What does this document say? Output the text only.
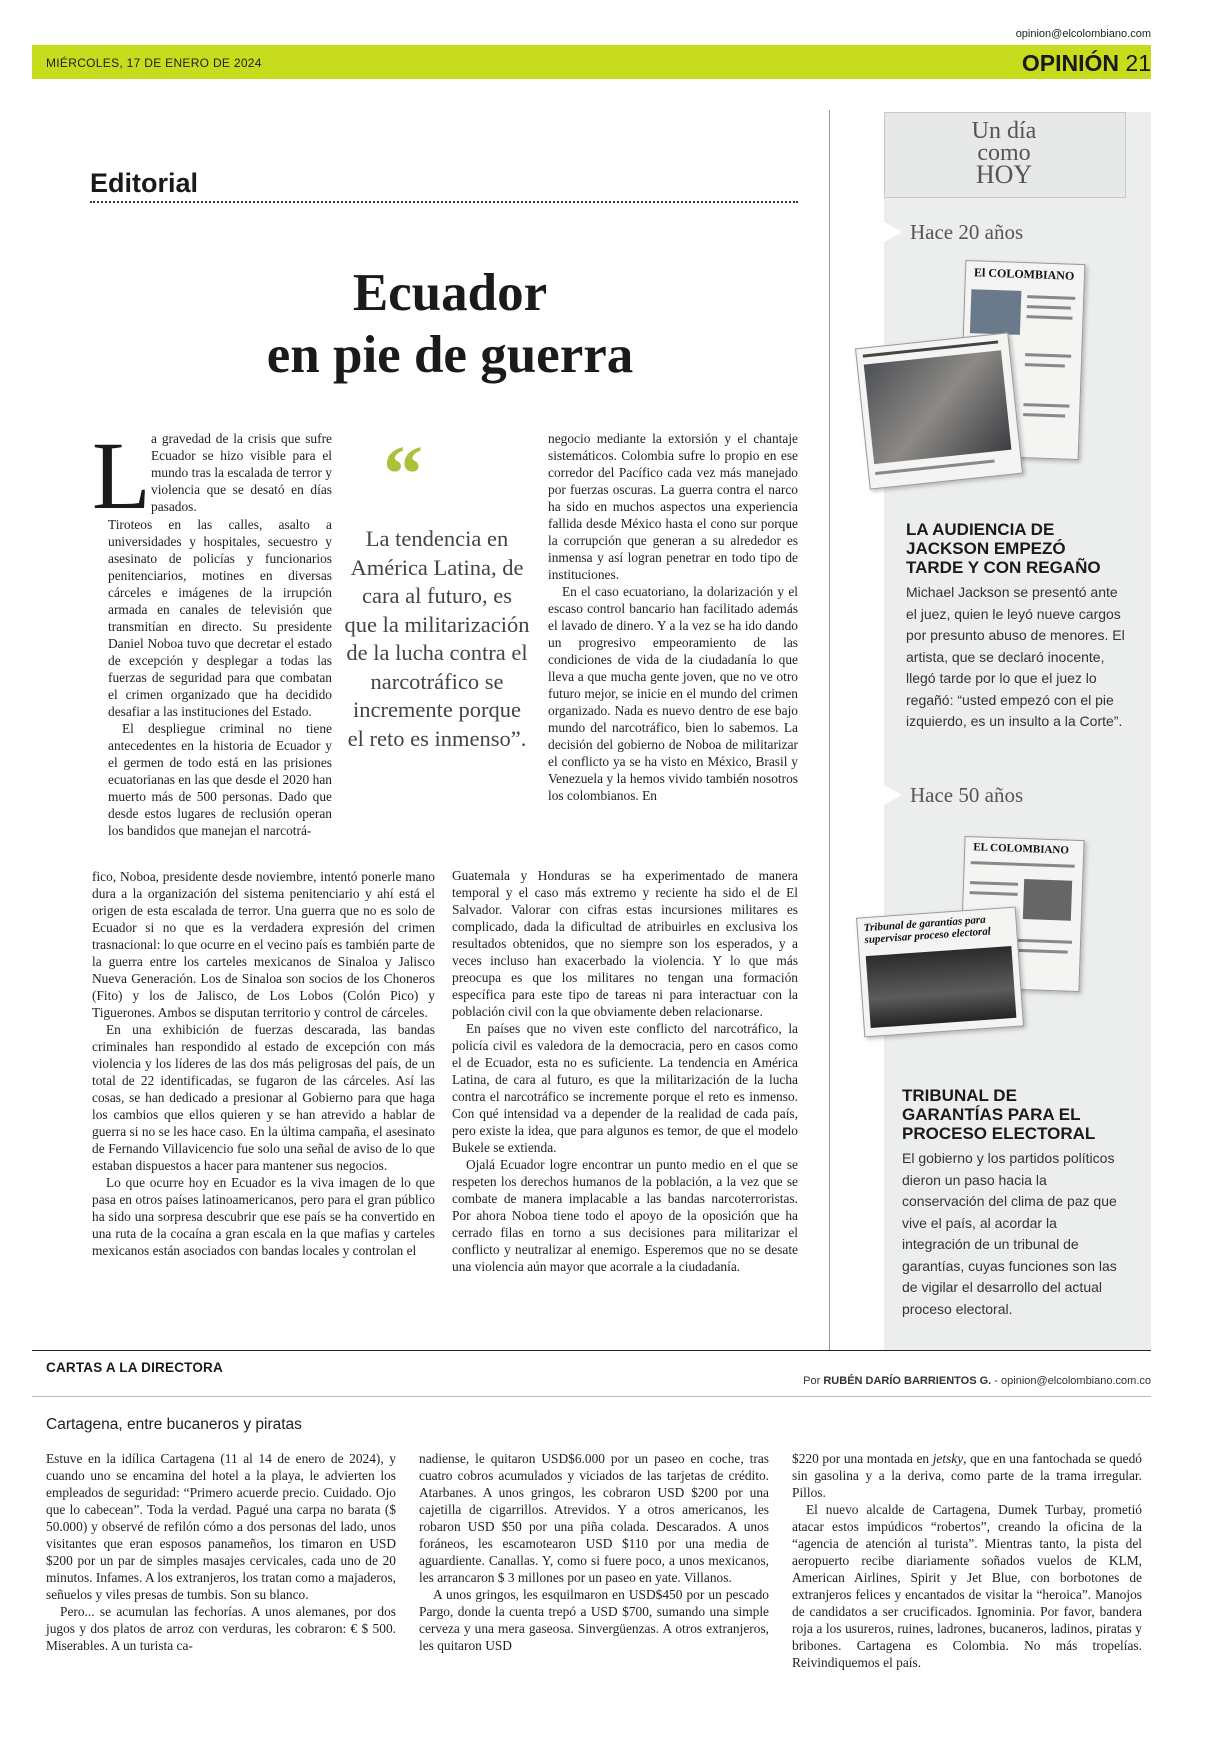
opinion@elcolombiano.com
MIÉRCOLES, 17 DE ENERO DE 2024	OPINIÓN 21
Editorial
Ecuador
en pie de guerra
L a gravedad de la crisis que sufre Ecuador se hizo visible para el mundo tras la escalada de terror y violencia que se desató en días pasados.

Tiroteos en las calles, asalto a universidades y hospitales, secuestro y asesinato de policías y funcionarios penitenciarios, motines en diversas cárceles e imágenes de la irrupción armada en canales de televisión que transmitían en directo. Su presidente Daniel Noboa tuvo que decretar el estado de excepción y desplegar a todas las fuerzas de seguridad para que combatan el crimen organizado que ha decidido desafiar a las instituciones del Estado.

El despliegue criminal no tiene antecedentes en la historia de Ecuador y el germen de todo está en las prisiones ecuatorianas en las que desde el 2020 han muerto más de 500 personas. Dado que desde estos lugares de reclusión operan los bandidos que manejan el narcotrá-

fico, Noboa, presidente desde noviembre, intentó ponerle mano dura a la organización del sistema penitenciario y ahí está el origen de esta escalada de terror. Una guerra que no es solo de Ecuador si no que es la verdadera expresión del crimen trasnacional: lo que ocurre en el vecino país es también parte de la guerra entre los carteles mexicanos de Sinaloa y Jalisco Nueva Generación. Los de Sinaloa son socios de los Choneros (Fito) y los de Jalisco, de Los Lobos (Colón Pico) y Tiguerones. Ambos se disputan territorio y control de cárceles.

En una exhibición de fuerzas descarada, las bandas criminales han respondido al estado de excepción con más violencia y los líderes de las dos más peligrosas del país, de un total de 22 identificadas, se fugaron de las cárceles. Así las cosas, se han dedicado a presionar al Gobierno para que haga los cambios que ellos quieren y se han atrevido a hablar de guerra si no se les hace caso. En la última campaña, el asesinato de Fernando Villavicencio fue solo una señal de aviso de lo que estaban dispuestos a hacer para mantener sus negocios.

Lo que ocurre hoy en Ecuador es la viva imagen de lo que pasa en otros países latinoamericanos, pero para el gran público ha sido una sorpresa descubrir que ese país se ha convertido en una ruta de la cocaína a gran escala en la que mafias y carteles mexicanos están asociados con bandas locales y controlan el

“
La tendencia en América Latina, de cara al futuro, es que la militarización de la lucha contra el narcotráfico se incremente porque el reto es inmenso”.

negocio mediante la extorsión y el chantaje sistemáticos. Colombia sufre lo propio en ese corredor del Pacífico cada vez más manejado por fuerzas oscuras. La guerra contra el narco ha sido en muchos aspectos una experiencia fallida desde México hasta el cono sur porque la corrupción que generan a su alrededor es inmensa y así logran penetrar en todo tipo de instituciones.

En el caso ecuatoriano, la dolarización y el escaso control bancario han facilitado además el lavado de dinero. Y a la vez se ha ido dando un progresivo empeoramiento de las condiciones de vida de la ciudadanía lo que lleva a que mucha gente joven, que no ve otro futuro mejor, se inicie en el mundo del crimen organizado. Nada es nuevo dentro de ese bajo mundo del narcotráfico, bien lo sabemos. La decisión del gobierno de Noboa de militarizar el conflicto ya se ha visto en México, Brasil y Venezuela y la hemos vivido también nosotros los colombianos. En

Guatemala y Honduras se ha experimentado de manera temporal y el caso más extremo y reciente ha sido el de El Salvador. Valorar con cifras estas incursiones militares es complicado, dada la dificultad de atribuirles en exclusiva los resultados obtenidos, que no siempre son los esperados, y a veces incluso han exacerbado la violencia. Y lo que más preocupa es que los militares no tengan una formación específica para este tipo de tareas ni para interactuar con la población civil con la que obviamente deben relacionarse.

En países que no viven este conflicto del narcotráfico, la policía civil es valedora de la democracia, pero en casos como el de Ecuador, esta no es suficiente. La tendencia en América Latina, de cara al futuro, es que la militarización de la lucha contra el narcotráfico se incremente porque el reto es inmenso. Con qué intensidad va a depender de la realidad de cada país, pero existe la idea, que para algunos es temor, de que el modelo Bukele se extienda.

Ojalá Ecuador logre encontrar un punto medio en el que se respeten los derechos humanos de la población, a la vez que se combate de manera implacable a las bandas narcoterroristas. Por ahora Noboa tiene todo el apoyo de la oposición que ha cerrado filas en torno a sus decisiones para militarizar el conflicto y neutralizar al enemigo. Esperemos que no se desate una violencia aún mayor que acorrale a la ciudadanía.

Un día
como
HOY
Hace 20 años
El COLOMBIANO
LA AUDIENCIA DE JACKSON EMPEZÓ TARDE Y CON REGAÑO
Michael Jackson se presentó ante el juez, quien le leyó nueve cargos por presunto abuso de menores. El artista, que se declaró inocente, llegó tarde por lo que el juez lo regañó: “usted empezó con el pie izquierdo, es un insulto a la Corte”.
Hace 50 años
EL COLOMBIANO
Tribunal de garantías para supervisar proceso electoral
TRIBUNAL DE GARANTÍAS PARA EL PROCESO ELECTORAL
El gobierno y los partidos políticos dieron un paso hacia la conservación del clima de paz que vive el país, al acordar la integración de un tribunal de garantías, cuyas funciones son las de vigilar el desarrollo del actual proceso electoral.
CARTAS A LA DIRECTORA
Por RUBÉN DARÍO BARRIENTOS G. - opinion@elcolombiano.com.co
Cartagena, entre bucaneros y piratas

Estuve en la idílica Cartagena (11 al 14 de enero de 2024), y cuando uno se encamina del hotel a la playa, le advierten los empleados de seguridad: “Primero acuerde precio. Cuidado. Ojo que lo cabecean”. Toda la verdad. Pagué una carpa no barata ($ 50.000) y observé de refilón cómo a dos personas del lado, unos visitantes que eran esposos panameños, los timaron en USD $200 por un par de simples masajes cervicales, cada uno de 20 minutos. Infames. A los extranjeros, los tratan como a majaderos, señuelos y viles presas de tumbis. Son su blanco.

Pero... se acumulan las fechorías. A unos alemanes, por dos jugos y dos platos de arroz con verduras, les cobraron: € $ 500. Miserables. A un turista ca-

nadiense, le quitaron USD$6.000 por un paseo en coche, tras cuatro cobros acumulados y viciados de las tarjetas de crédito. Atarbanes. A unos gringos, les cobraron USD $200 por una cajetilla de cigarrillos. Atrevidos. Y a otros americanos, les robaron USD $50 por una piña colada. Descarados. A unos foráneos, les escamotearon USD $110 por una media de aguardiente. Canallas. Y, como si fuere poco, a unos mexicanos, les arrancaron $ 3 millones por un paseo en yate. Villanos.

A unos gringos, les esquilmaron en USD$450 por un pescado Pargo, donde la cuenta trepó a USD $700, sumando una simple cerveza y una mera gaseosa. Sinvergüenzas. A otros extranjeros, les quitaron USD

$220 por una montada en jetsky, que en una fantochada se quedó sin gasolina y a la deriva, como parte de la trama irregular. Pillos.

El nuevo alcalde de Cartagena, Dumek Turbay, prometió atacar estos impúdicos “robertos”, creando la oficina de la “agencia de atención al turista”. Mientras tanto, la pista del aeropuerto recibe diariamente soñados vuelos de KLM, American Airlines, Spirit y Jet Blue, con borbotones de extranjeros felices y encantados de visitar la “heroica”. Manojos de candidatos a ser crucificados. Ignominia. Por favor, bandera roja a los usureros, ruines, ladrones, bucaneros, ladinos, piratas y bribones. Cartagena es Colombia. No más tropelías. Reivindiquemos el país.
